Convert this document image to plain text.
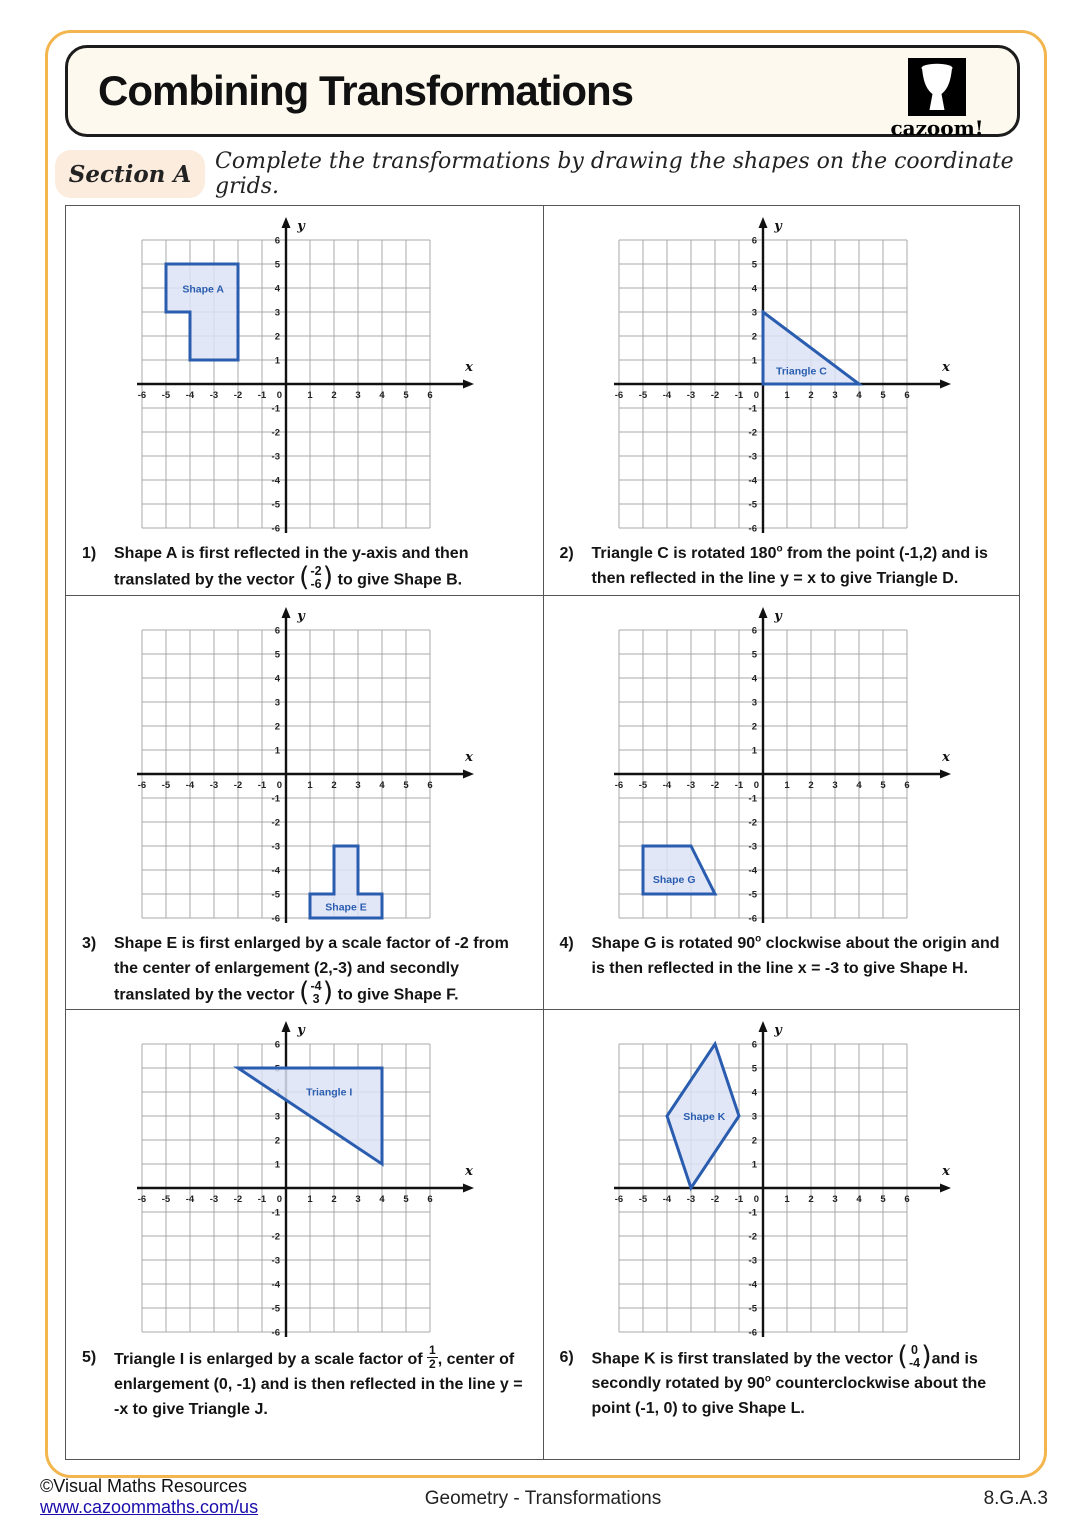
Combining Transformations
cazoom!
Section A Complete the transformations by drawing the shapes on the coordinate grids.
x
y
-6 -5 -4 -3 -2 -1	1 2 3 4 5 6
0
-6
-5
-4
-3
-2
-1
1
2
3
4
5
6
Shape A
1)	Shape A is first reflected in the y-axis and then translated by the vector ( -2
-6 ) to give Shape B.
x
y
-6 -5 -4 -3 -2 -1	1 2 3 4 5 6
0
-6
-5
-4
-3
-2
-1
1
2
3
4
5
6
Triangle C
2)	Triangle C is rotated 180$^o$ from the point (-1,2) and is then reflected in the line y = x to give Triangle D.
x
y
-6 -5 -4 -3 -2 -1	1 2 3 4 5 6
0
-6
-5
-4
-3
-2
-1
1
2
3
4
5
6
Shape E
3)	Shape E is first enlarged by a scale factor of -2 from the center of enlargement (2,-3) and secondly translated by the vector ( -4
3 ) to give Shape F.
x
y
-6 -5 -4 -3 -2 -1	1 2 3 4 5 6
0
-6
-5
-4
-3
-2
-1
1
2
3
4
5
6
Shape G
4)	Shape G is rotated 90$^o$ clockwise about the origin and is then reflected in the line x = -3 to give Shape H.
x
y
-6 -5 -4 -3 -2 -1	1 2 3 4 5 6
0
-6
-5
-4
-3
-2
-1
1
2
3
6
Triangle I
5)	Triangle I is enlarged by a scale factor of $\frac{1}{2}$ , center of enlargement (0, -1) and is then reflected in the line y = -x to give Triangle J.
x
y
-6 -5 -4 -3 -2 -1	1 2 3 4 5 6
0
-6
-5
-4
-3
-2
-1
1
2
3
4
5
6
Shape K
6)	Shape K is first translated by the vector ( 0
-4 ) and is secondly rotated by 90$^o$ counterclockwise about the point (-1, 0) to give Shape L.
©Visual Maths Resources
www.cazoommaths.com/us	Geometry - Transformations	8.G.A.3
